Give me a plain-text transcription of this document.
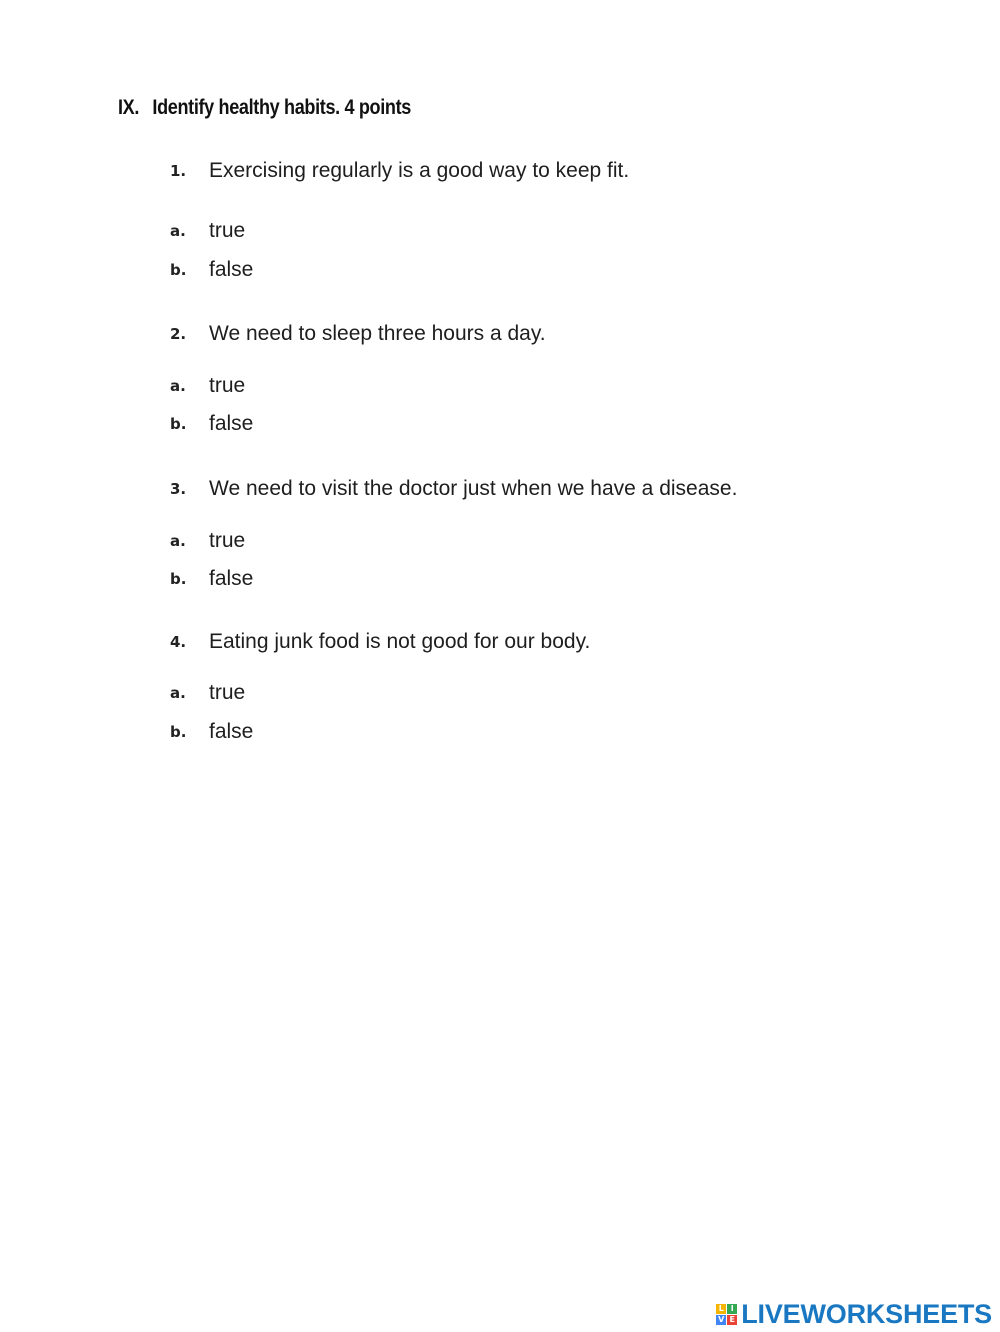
IX. Identify healthy habits. 4 points
1.	Exercising regularly is a good way to keep fit.
a.	true
b.	false
2.	We need to sleep three hours a day.
a.	true
b.	false
3.	We need to visit the doctor just when we have a disease.
a.	true
b.	false
4.	Eating junk food is not good for our body.
a.	true
b.	false
L I
V E LIVEWORKSHEETS
